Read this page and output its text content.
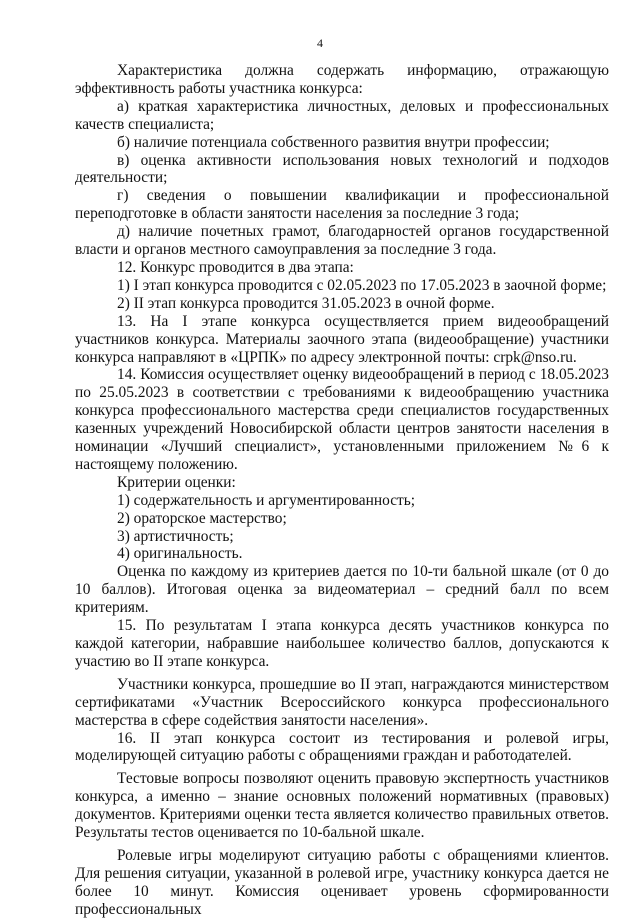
4

Характеристика должна содержать информацию, отражающую эффективность работы участника конкурса:

а) краткая характеристика личностных, деловых и профессиональных качеств специалиста;

б) наличие потенциала собственного развития внутри профессии;

в) оценка активности использования новых технологий и подходов деятельности;

г) сведения о повышении квалификации и профессиональной переподготовке в области занятости населения за последние 3 года;

д) наличие почетных грамот, благодарностей органов государственной власти и органов местного самоуправления за последние 3 года.

12. Конкурс проводится в два этапа:

1) I этап конкурса проводится с 02.05.2023 по 17.05.2023 в заочной форме;

2) II этап конкурса проводится 31.05.2023 в очной форме.

13. На I этапе конкурса осуществляется прием видеообращений участников конкурса. Материалы заочного этапа (видеообращение) участники конкурса направляют в «ЦРПК» по адресу электронной почты: crpk@nso.ru.

14. Комиссия осуществляет оценку видеообращений в период с 18.05.2023 по 25.05.2023 в соответствии с требованиями к видеообращению участника конкурса профессионального мастерства среди специалистов государственных казенных учреждений Новосибирской области центров занятости населения в номинации «Лучший специалист», установленными приложением №6 к настоящему положению.

Критерии оценки:

1) содержательность и аргументированность;

2) ораторское мастерство;

3) артистичность;

4) оригинальность.

Оценка по каждому из критериев дается по 10-ти бальной шкале (от 0 до 10 баллов). Итоговая оценка за видеоматериал – средний балл по всем критериям.

15. По результатам I этапа конкурса десять участников конкурса по каждой категории, набравшие наибольшее количество баллов, допускаются к участию во II этапе конкурса.

Участники конкурса, прошедшие во II этап, награждаются министерством сертификатами «Участник Всероссийского конкурса профессионального мастерства в сфере содействия занятости населения».

16. II этап конкурса состоит из тестирования и ролевой игры, моделирующей ситуацию работы с обращениями граждан и работодателей.

Тестовые вопросы позволяют оценить правовую экспертность участников конкурса, а именно – знание основных положений нормативных (правовых) документов. Критериями оценки теста является количество правильных ответов. Результаты тестов оценивается по 10-бальной шкале.

Ролевые игры моделируют ситуацию работы с обращениями клиентов. Для решения ситуации, указанной в ролевой игре, участнику конкурса дается не более 10 минут. Комиссия оценивает уровень сформированности профессиональных
